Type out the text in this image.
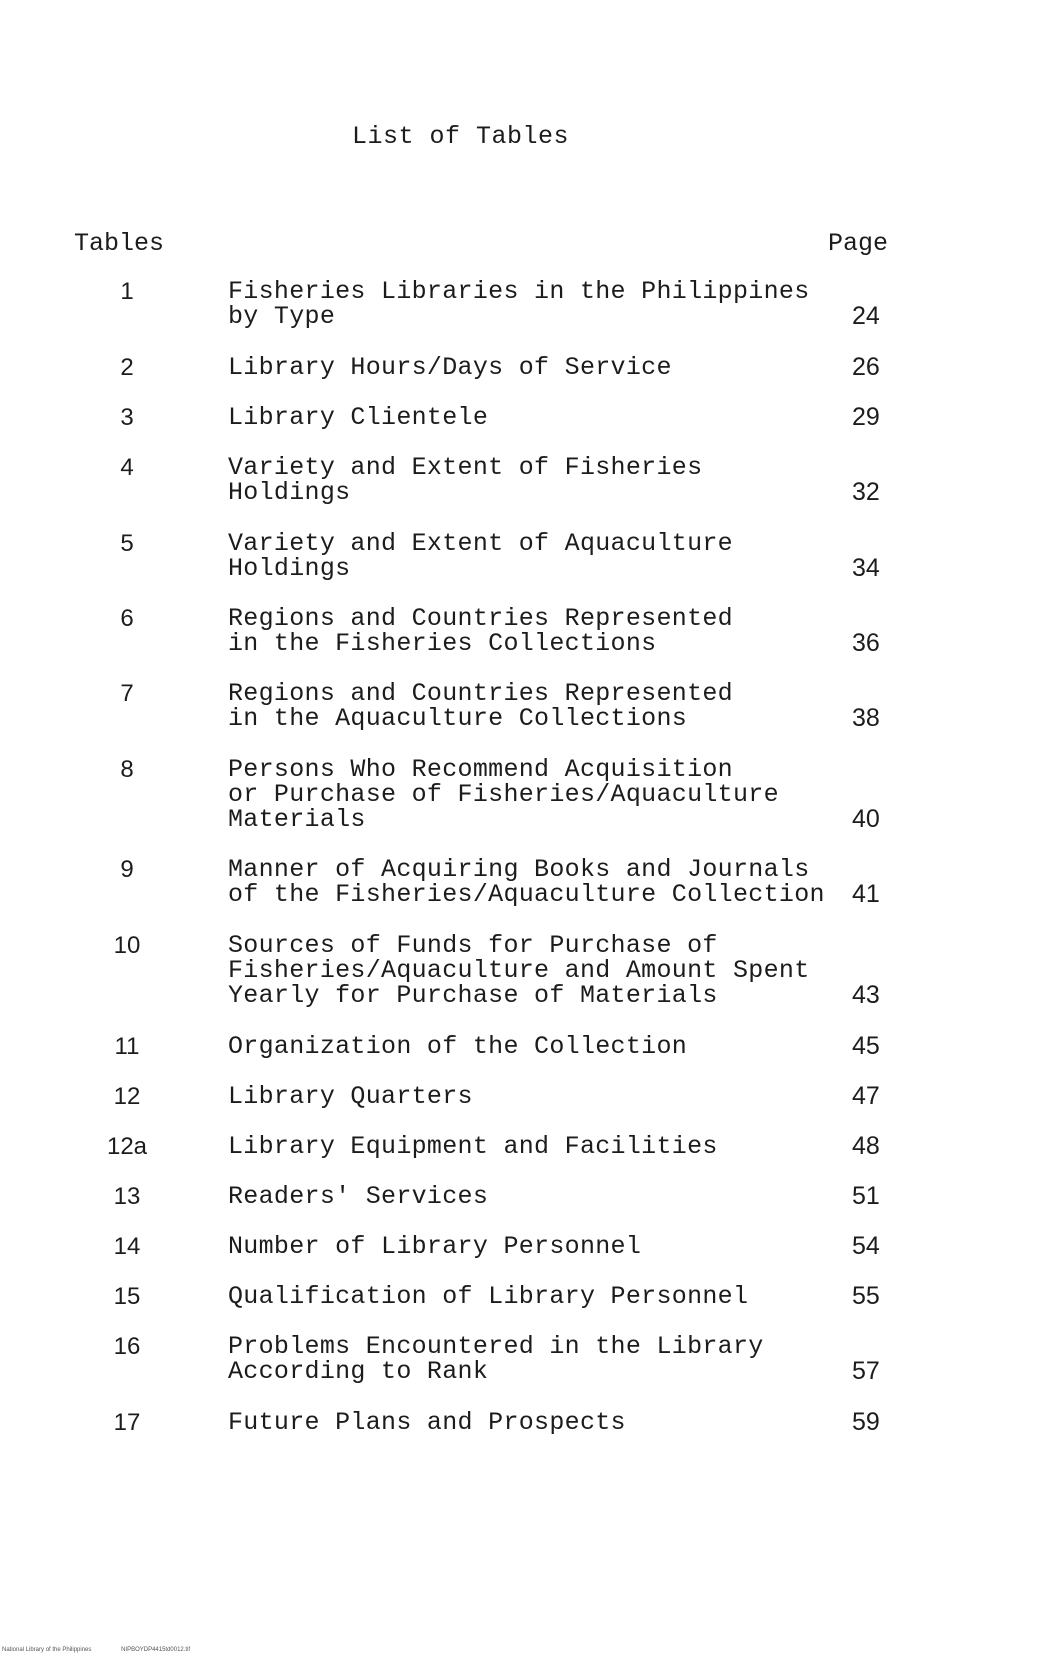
List of Tables
Tables	Page
1	Fisheries Libraries in the Philippines
by Type	24
2	Library Hours/Days of Service	26
3	Library Clientele	29
4	Variety and Extent of Fisheries
Holdings	32
5	Variety and Extent of Aquaculture
Holdings	34
6	Regions and Countries Represented
in the Fisheries Collections	36
7	Regions and Countries Represented
in the Aquaculture Collections	38
8	Persons Who Recommend Acquisition
or Purchase of Fisheries/Aquaculture
Materials	40
9	Manner of Acquiring Books and Journals
of the Fisheries/Aquaculture Collection	41
10	Sources of Funds for Purchase of
Fisheries/Aquaculture and Amount Spent
Yearly for Purchase of Materials	43
11	Organization of the Collection	45
12	Library Quarters	47
12a	Library Equipment and Facilities	48
13	Readers' Services	51
14	Number of Library Personnel	54
15	Qualification of Library Personnel	55
16	Problems Encountered in the Library
According to Rank	57
17	Future Plans and Prospects	59
National Library of the Philippines	NIPBOYDP4415td0012.tif
